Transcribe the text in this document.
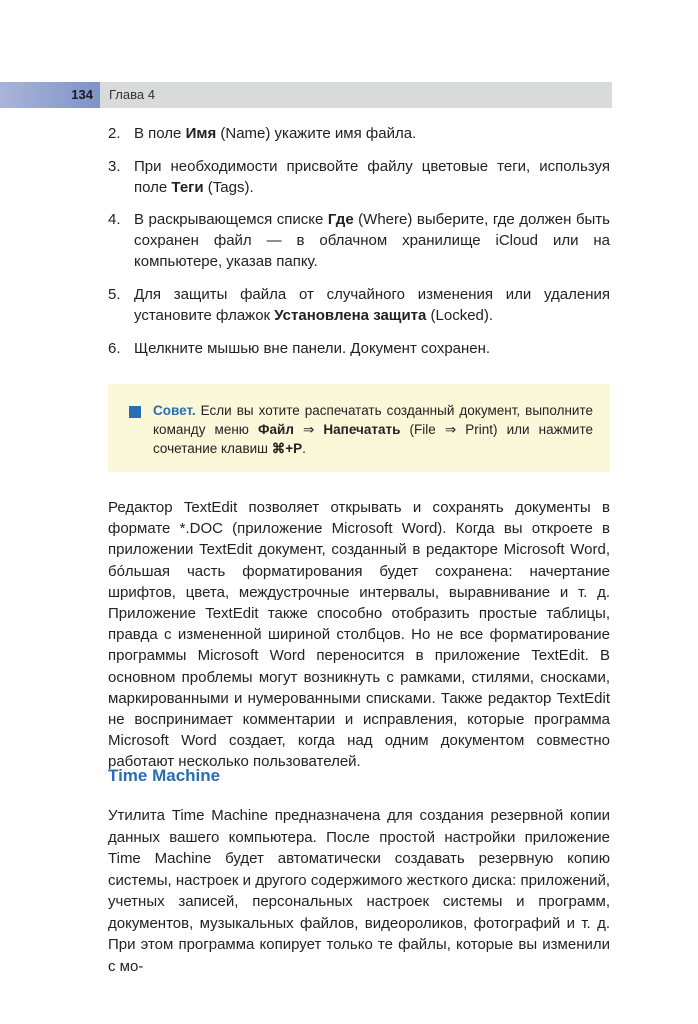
134 Глава 4
2. В поле Имя (Name) укажите имя файла.
3. При необходимости присвойте файлу цветовые теги, используя поле Теги (Tags).
4. В раскрывающемся списке Где (Where) выберите, где должен быть сохранен файл — в облачном хранилище iCloud или на компьютере, указав папку.
5. Для защиты файла от случайного изменения или удаления установите флажок Установлена защита (Locked).
6. Щелкните мышью вне панели. Документ сохранен.
Совет. Если вы хотите распечатать созданный документ, выполните команду меню Файл ⇒ Напечатать (File ⇒ Print) или нажмите сочетание клавиш ⌘+P.

Редактор TextEdit позволяет открывать и сохранять документы в формате *.DOC (приложение Microsoft Word). Когда вы откроете в приложении TextEdit документ, созданный в редакторе Microsoft Word, бóльшая часть форматирования будет сохранена: начертание шрифтов, цвета, междустрочные интервалы, выравнивание и т. д. Приложение TextEdit также способно отобразить простые таблицы, правда с измененной шириной столбцов. Но не все форматирование программы Microsoft Word переносится в приложение TextEdit. В основном проблемы могут возникнуть с рамками, стилями, сносками, маркированными и нумерованными списками. Также редактор TextEdit не воспринимает комментарии и исправления, которые программа Microsoft Word создает, когда над одним документом совместно работают несколько пользователей.

Time Machine

Утилита Time Machine предназначена для создания резервной копии данных вашего компьютера. После простой настройки приложение Time Machine будет автоматически создавать резервную копию системы, настроек и другого содержимого жесткого диска: приложений, учетных записей, персональных настроек системы и программ, документов, музыкальных файлов, видеороликов, фотографий и т. д. При этом программа копирует только те файлы, которые вы изменили с мо-
